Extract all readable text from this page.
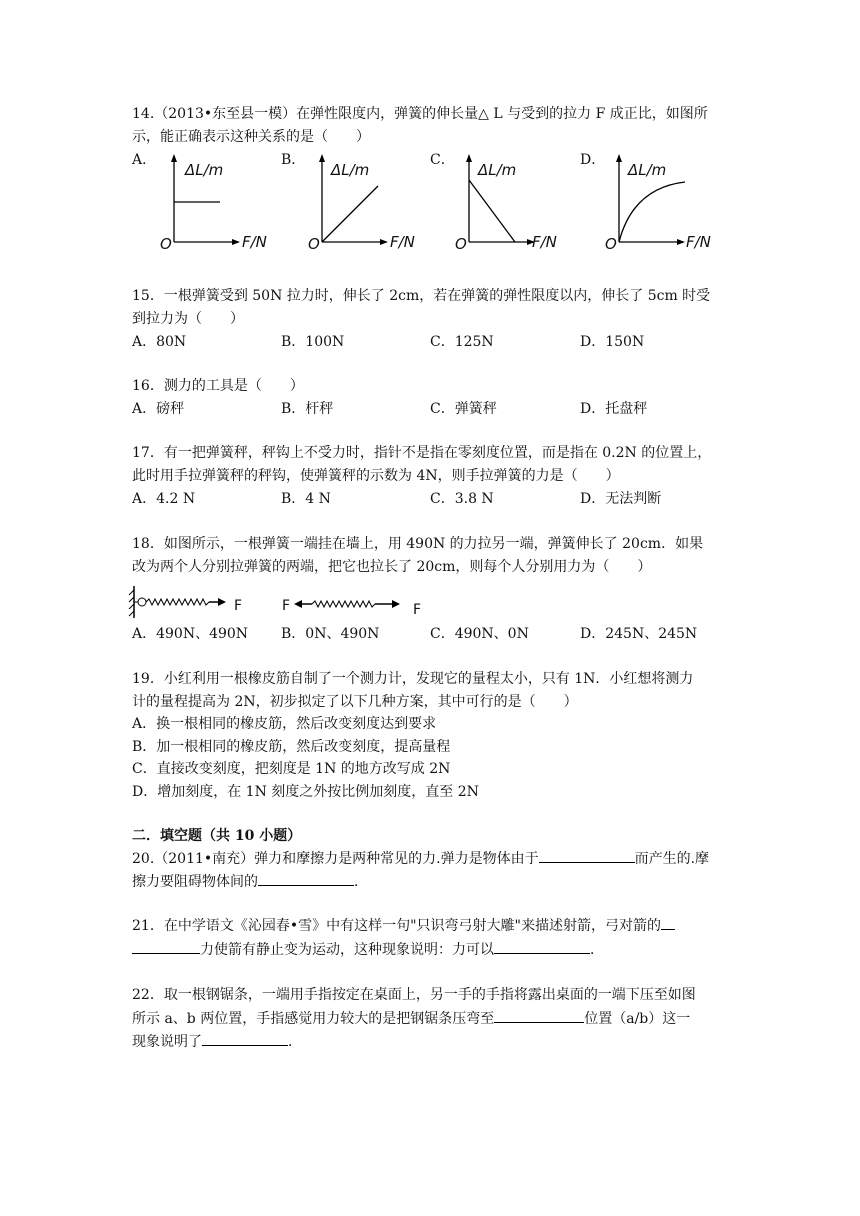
14.（2013•东至县一模）在弹性限度内，弹簧的伸长量△ L 与受到的拉力 F 成正比，如图所
示，能正确表示这种关系的是（　　）
A．	B．	C．	D．
ΔL/m
F/N
O
ΔL/m
F/N
O
ΔL/m
F/N
O
ΔL/m
F/N
O
15．一根弹簧受到 50N 拉力时，伸长了 2cm，若在弹簧的弹性限度以内，伸长了 5cm 时受
到拉力为（　　）
A．80N	B．100N	C．125N	D．150N
16．测力的工具是（　　）
A．磅秤	B．杆秤	C．弹簧秤	D．托盘秤
17．有一把弹簧秤，秤钩上不受力时，指针不是指在零刻度位置，而是指在 0.2N 的位置上，
此时用手拉弹簧秤的秤钩，使弹簧秤的示数为 4N，则手拉弹簧的力是（　　）
A．4.2 N	B．4 N	C．3.8 N	D．无法判断
18．如图所示，一根弹簧一端挂在墙上，用 490N 的力拉另一端，弹簧伸长了 20cm．如果
改为两个人分别拉弹簧的两端，把它也拉长了 20cm，则每个人分别用力为（　　）
F	F	F
A．490N、490N B．0N、490N	C．490N、0N	D．245N、245N
19．小红利用一根橡皮筋自制了一个测力计，发现它的量程太小，只有 1N．小红想将测力
计的量程提高为 2N，初步拟定了以下几种方案，其中可行的是（　　）
A．换一根相同的橡皮筋，然后改变刻度达到要求
B．加一根相同的橡皮筋，然后改变刻度，提高量程
C．直接改变刻度，把刻度是 1N 的地方改写成 2N
D．增加刻度，在 1N 刻度之外按比例加刻度，直至 2N
二．填空题（共 10 小题）
20.（2011•南充）弹力和摩擦力是两种常见的力.弹力是物体由于	而产生的.摩
擦力要阻碍物体间的	．
21．在中学语文《沁园春•雪》中有这样一句"只识弯弓射大雕"来描述射箭，弓对箭的
力使箭有静止变为运动，这种现象说明：力可以	．
22．取一根钢锯条，一端用手指按定在桌面上，另一手的手指将露出桌面的一端下压至如图
所示 a、b 两位置，手指感觉用力较大的是把钢锯条压弯至	位置（a/b）这一
现象说明了	．
